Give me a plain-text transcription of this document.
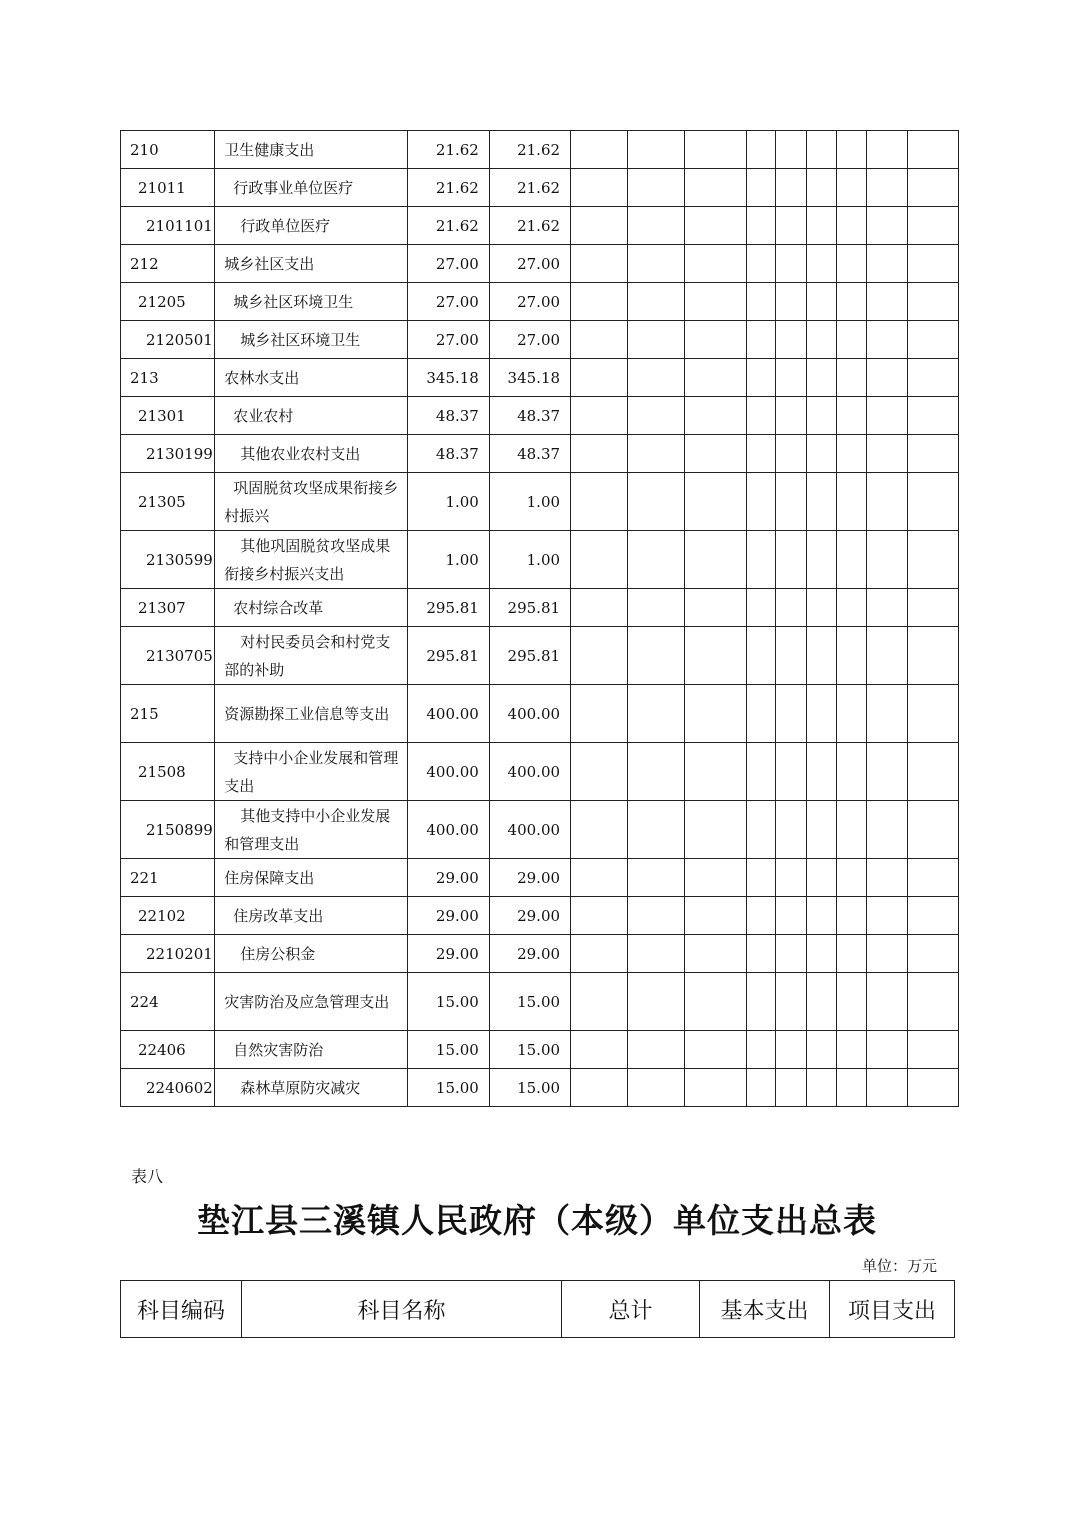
210	卫生健康支出	21.62	21.62									
21011	行政事业单位医疗	21.62	21.62									
2101101	行政单位医疗	21.62	21.62									
212	城乡社区支出	27.00	27.00									
21205	城乡社区环境卫生	27.00	27.00									
2120501	城乡社区环境卫生	27.00	27.00									
213	农林水支出	345.18	345.18									
21301	农业农村	48.37	48.37									
2130199	其他农业农村支出	48.37	48.37									
21305	巩固脱贫攻坚成果衔接乡村振兴	1.00	1.00									
2130599	其他巩固脱贫攻坚成果衔接乡村振兴支出	1.00	1.00									
21307	农村综合改革	295.81	295.81									
2130705	对村民委员会和村党支部的补助	295.81	295.81									
215	资源勘探工业信息等支出	400.00	400.00									
21508	支持中小企业发展和管理支出	400.00	400.00									
2150899	其他支持中小企业发展和管理支出	400.00	400.00									
221	住房保障支出	29.00	29.00									
22102	住房改革支出	29.00	29.00									
2210201	住房公积金	29.00	29.00									
224	灾害防治及应急管理支出	15.00	15.00									
22406	自然灾害防治	15.00	15.00									
2240602	森林草原防灾减灾	15.00	15.00									
表八
垫江县三溪镇人民政府（本级）单位支出总表
单位：万元
科目编码	科目名称	总计	基本支出	项目支出
